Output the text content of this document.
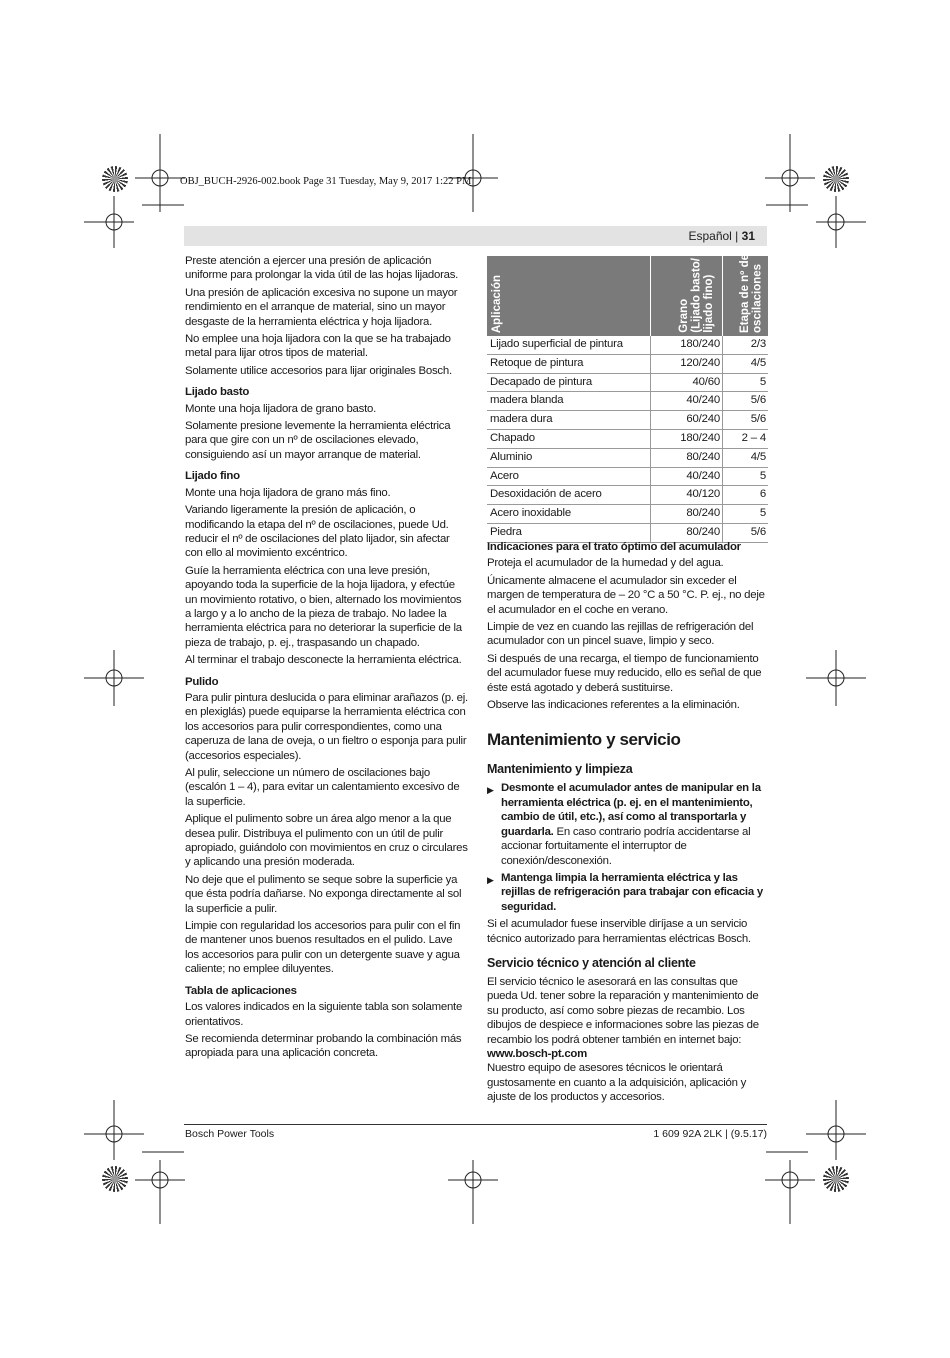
OBJ_BUCH-2926-002.book Page 31 Tuesday, May 9, 2017 1:22 PM
Español | 31

Preste atención a ejercer una presión de aplicación uniforme para prolongar la vida útil de las hojas lijadoras.

Una presión de aplicación excesiva no supone un mayor rendimiento en el arranque de material, sino un mayor desgaste de la herramienta eléctrica y hoja lijadora.

No emplee una hoja lijadora con la que se ha trabajado metal para lijar otros tipos de material.

Solamente utilice accesorios para lijar originales Bosch.

Lijado basto

Monte una hoja lijadora de grano basto.

Solamente presione levemente la herramienta eléctrica para que gire con un nº de oscilaciones elevado, consiguiendo así un mayor arranque de material.

Lijado fino

Monte una hoja lijadora de grano más fino.

Variando ligeramente la presión de aplicación, o modificando la etapa del nº de oscilaciones, puede Ud. reducir el nº de oscilaciones del plato lijador, sin afectar con ello al movimiento excéntrico.

Guíe la herramienta eléctrica con una leve presión, apoyando toda la superficie de la hoja lijadora, y efectúe un movimiento rotativo, o bien, alternado los movimientos a largo y a lo ancho de la pieza de trabajo. No ladee la herramienta eléctrica para no deteriorar la superficie de la pieza de trabajo, p. ej., traspasando un chapado.

Al terminar el trabajo desconecte la herramienta eléctrica.

Pulido

Para pulir pintura deslucida o para eliminar arañazos (p. ej. en plexiglás) puede equiparse la herramienta eléctrica con los accesorios para pulir correspondientes, como una caperuza de lana de oveja, o un fieltro o esponja para pulir (accesorios especiales).

Al pulir, seleccione un número de oscilaciones bajo (escalón 1 – 4), para evitar un calentamiento excesivo de la superficie.

Aplique el pulimento sobre un área algo menor a la que desea pulir. Distribuya el pulimento con un útil de pulir apropiado, guiándolo con movimientos en cruz o circulares y aplicando una presión moderada.

No deje que el pulimento se seque sobre la superficie ya que ésta podría dañarse. No exponga directamente al sol la superficie a pulir.

Limpie con regularidad los accesorios para pulir con el fin de mantener unos buenos resultados en el pulido. Lave los accesorios para pulir con un detergente suave y agua caliente; no emplee diluyentes.

Tabla de aplicaciones

Los valores indicados en la siguiente tabla son solamente orientativos.

Se recomienda determinar probando la combinación más apropiada para una aplicación concreta.

Aplicación	Grano
(Lijado basto/
lijado fino)
Etapa de nº de
oscilaciones
Lijado superficial de pintura	180/240	2/3
Retoque de pintura	120/240	4/5
Decapado de pintura	40/60	5
madera blanda	40/240	5/6
madera dura	60/240	5/6
Chapado	180/240 2 – 4
Aluminio	80/240	4/5
Acero	40/240	5
Desoxidación de acero	40/120	6
Acero inoxidable	80/240	5
Piedra	80/240	5/6

Indicaciones para el trato óptimo del acumulador

Proteja el acumulador de la humedad y del agua.

Únicamente almacene el acumulador sin exceder el margen de temperatura de – 20 °C a 50 °C. P. ej., no deje el acumulador en el coche en verano.

Limpie de vez en cuando las rejillas de refrigeración del acumulador con un pincel suave, limpio y seco.

Si después de una recarga, el tiempo de funcionamiento del acumulador fuese muy reducido, ello es señal de que éste está agotado y deberá sustituirse.

Observe las indicaciones referentes a la eliminación.

Mantenimiento y servicio

Mantenimiento y limpieza

▶ Desmonte el acumulador antes de manipular en la herramienta eléctrica (p. ej. en el mantenimiento, cambio de útil, etc.), así como al transportarla y guardarla. En caso contrario podría accidentarse al accionar fortuitamente el interruptor de conexión/desconexión.

▶ Mantenga limpia la herramienta eléctrica y las rejillas de refrigeración para trabajar con eficacia y seguridad.

Si el acumulador fuese inservible diríjase a un servicio técnico autorizado para herramientas eléctricas Bosch.

Servicio técnico y atención al cliente

El servicio técnico le asesorará en las consultas que pueda Ud. tener sobre la reparación y mantenimiento de su producto, así como sobre piezas de recambio. Los dibujos de despiece e informaciones sobre las piezas de recambio los podrá obtener también en internet bajo:

www.bosch-pt.com

Nuestro equipo de asesores técnicos le orientará gustosamente en cuanto a la adquisición, aplicación y ajuste de los productos y accesorios.

Bosch Power Tools	1 609 92A 2LK | (9.5.17)
